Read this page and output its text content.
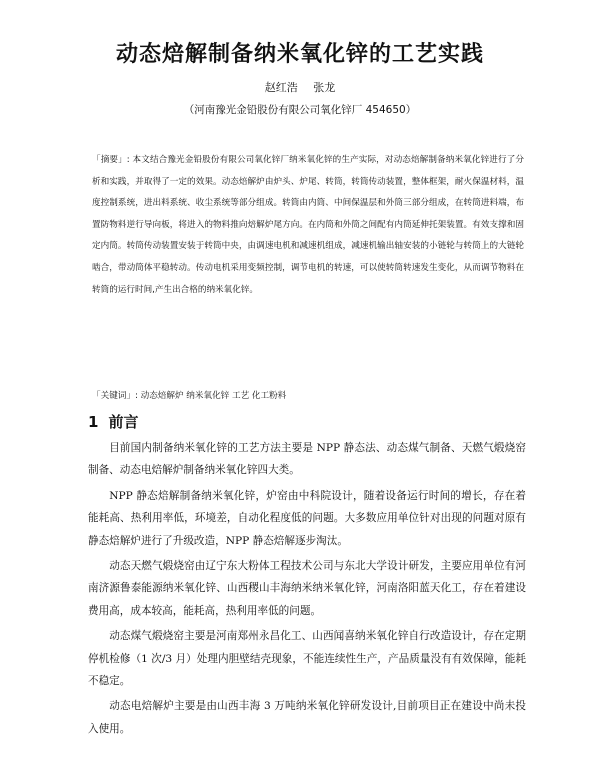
动态焙解制备纳米氧化锌的工艺实践
赵红浩 张龙
（河南豫光金铅股份有限公司氧化锌厂 454650）
「摘要」: 本文结合豫光金铅股份有限公司氧化锌厂纳米氧化锌的生产实际，对动态焙解制备纳米氧化锌进行了分析和实践，并取得了一定的效果。动态焙解炉由炉头、炉尾、转筒，转筒传动装置，整体框架，耐火保温材料，温度控制系统，进出料系统、收尘系统等部分组成。转筒由内筒、中间保温层和外筒三部分组成，在转筒进料端，布置防物料逆行导向板，将进入的物料推向焙解炉尾方向。在内筒和外筒之间配有内筒延伸托架装置。有效支撑和固定内筒。转筒传动装置安装于转筒中央，由调速电机和减速机组成，减速机输出轴安装的小链轮与转筒上的大链轮啮合，带动筒体平稳转动。传动电机采用变频控制，调节电机的转速，可以使转筒转速发生变化，从而调节物料在转筒的运行时间,产生出合格的纳米氧化锌。
「关键词」: 动态焙解炉 纳米氧化锌 工艺 化工粉料
1 前言

目前国内制备纳米氧化锌的工艺方法主要是 NPP 静态法、动态煤气制备、天燃气煅烧窑制备、动态电焙解炉制备纳米氧化锌四大类。

NPP 静态焙解制备纳米氧化锌，炉窑由中科院设计，随着设备运行时间的增长，存在着能耗高、热利用率低，环境差，自动化程度低的问题。大多数应用单位针对出现的问题对原有静态焙解炉进行了升级改造，NPP 静态焙解逐步淘汰。

动态天燃气煅烧窑由辽宁东大粉体工程技术公司与东北大学设计研发，主要应用单位有河南济源鲁泰能源纳米氧化锌、山西稷山丰海纳米纳米氧化锌，河南洛阳蓝天化工，存在着建设费用高，成本较高，能耗高，热利用率低的问题。

动态煤气煅烧窑主要是河南郑州永昌化工、山西闻喜纳米氧化锌自行改造设计，存在定期停机检修（1 次/3 月）处理内胆壁结壳现象，不能连续性生产，产品质量没有有效保障，能耗不稳定。

动态电焙解炉主要是由山西丰海 3 万吨纳米氧化锌研发设计,目前项目正在建设中尚未投入使用。
